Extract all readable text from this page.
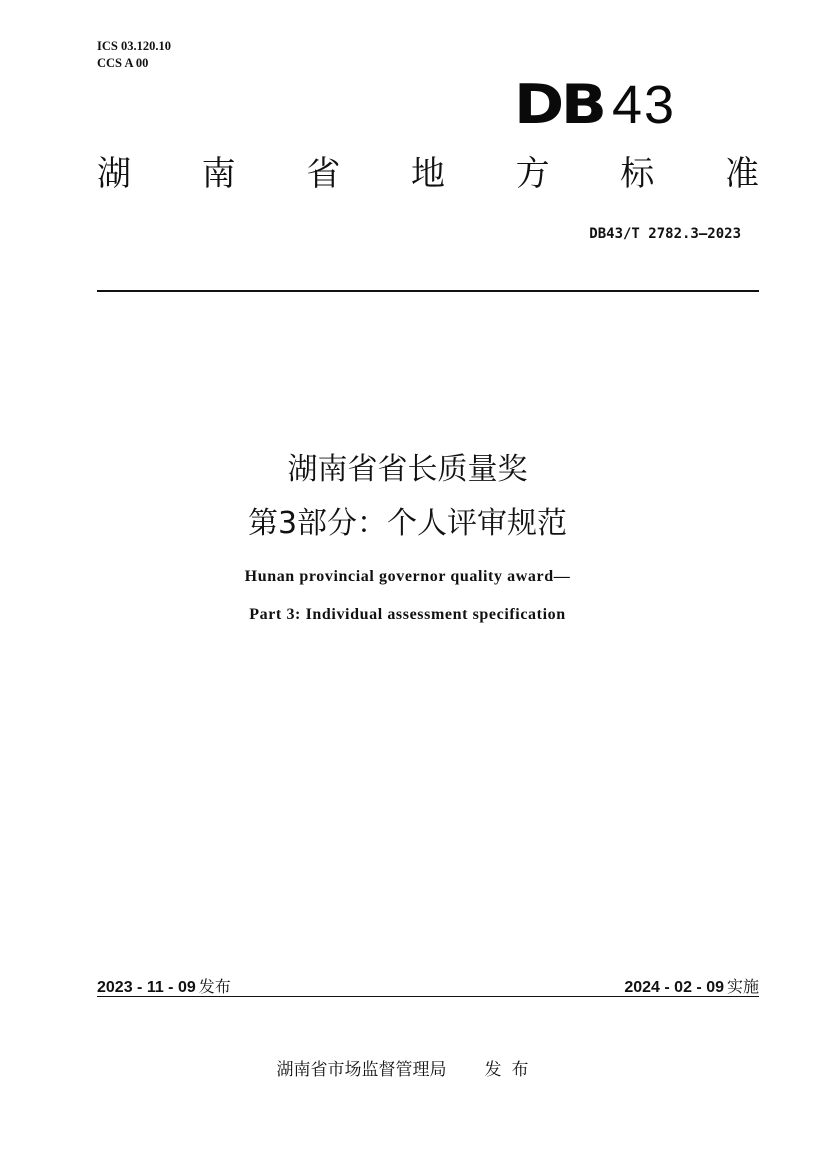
ICS 03.120.10
CCS A 00
DB 43
湖 南 省 地 方 标 准
DB43/T 2782.3—2023
湖南省省长质量奖
第3部分：个人评审规范
Hunan provincial governor quality award—
Part 3: Individual assessment specification
2023 - 11 - 09 发布	2024 - 02 - 09 实施
湖南省市场监督管理局 发布
